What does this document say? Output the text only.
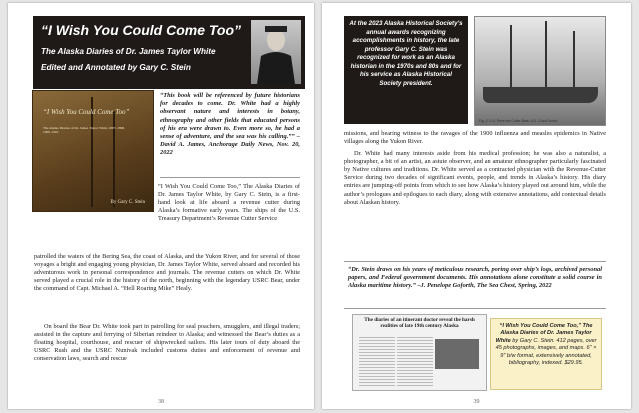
“I Wish You Could Come Too”
The Alaska Diaries of Dr. James Taylor White
Edited and Annotated by Gary C. Stein
“I Wish You Could Come Too”
The Alaska Diaries of Dr. James Taylor White 1897–1898, 1900–1901
By Gary C. Stein

“This book will be referenced by future historians for decades to come. Dr. White had a highly observant nature and interests in botany, ethnography and other fields that educated persons of his era were drawn to. Even more so, he had a sense of adventure, and the sea was his calling.”” –David A. James, Anchorage Daily News, Nov. 20, 2022

“I Wish You Could Come Too,” The Alaska Diaries of Dr. James Taylor White, by Gary C. Stein, is a first-hand look at life aboard a revenue cutter during Alaska’s formative early years. The ships of the U.S. Treasury Department’s Revenue Cutter Service

patrolled the waters of the Bering Sea, the coast of Alaska, and the Yukon River, and for several of those voyages a bright and engaging young physician, Dr. James Taylor White, served aboard and recorded his adventurous work in personal correspondence and journals. The revenue cutters on which Dr. White served played a crucial role in the history of the north, beginning with the legendary USRC Bear, under the command of Capt. Michael A. “Hell Roaring Mike” Healy.

On board the Bear Dr. White took part in patrolling for seal poachers, smugglers, and illegal traders; assisted in the capture and ferrying of Siberian reindeer to Alaska; and witnessed the Bear’s duties as a floating hospital, courthouse, and rescuer of shipwrecked sailors. His later tours of duty aboard the USRC Rush and the USRC Nunivak included customs duties and enforcement of revenue and conservation laws, search and rescue

38
At the 2023 Alaska Historical Society’s annual awards recognizing accomplishments in history, the late professor Gary C. Stein was recognized for work as an Alaska historian in the 1970s and 80s and for his service as Alaska Historical Society president.
Fig. 2. U.S. Revenue Cutter Bear. U.S. Coast Guard.

missions, and bearing witness to the ravages of the 1900 influenza and measles epidemics in Native villages along the Yukon River.

Dr. White had many interests aside from his medical profession; he was also a naturalist, a photographer, a bit of an artist, an astute observer, and an amateur ethnographer particularly fascinated by Native cultures and traditions. Dr. White served as a contracted physician with the Revenue-Cutter Service during two decades of significant events, people, and trends in Alaska’s history. His diary entries are jumping-off points from which to see how Alaska’s history played out around him, while the author’s prologues and epilogues to each diary, along with extensive annotations, add contextual details about Alaskan history.

“Dr. Stein draws on his years of meticulous research, poring over ship’s logs, archived personal papers, and Federal government documents. His annotations alone constitute a solid course in Alaska maritime history.” –J. Penelope Goforth, The Sea Chest, Spring, 2022

The diaries of an itinerant doctor reveal the harsh realities of late 19th century Alaska	“I Wish You Could Come Too,” The Alaska Diaries of Dr. James Taylor White by Gary C. Stein. 412 pages, over 45 photographs, images, and maps. 6″ × 9″ b/w format, extensively annotated, bibliography, indexed. $29.95.
39
